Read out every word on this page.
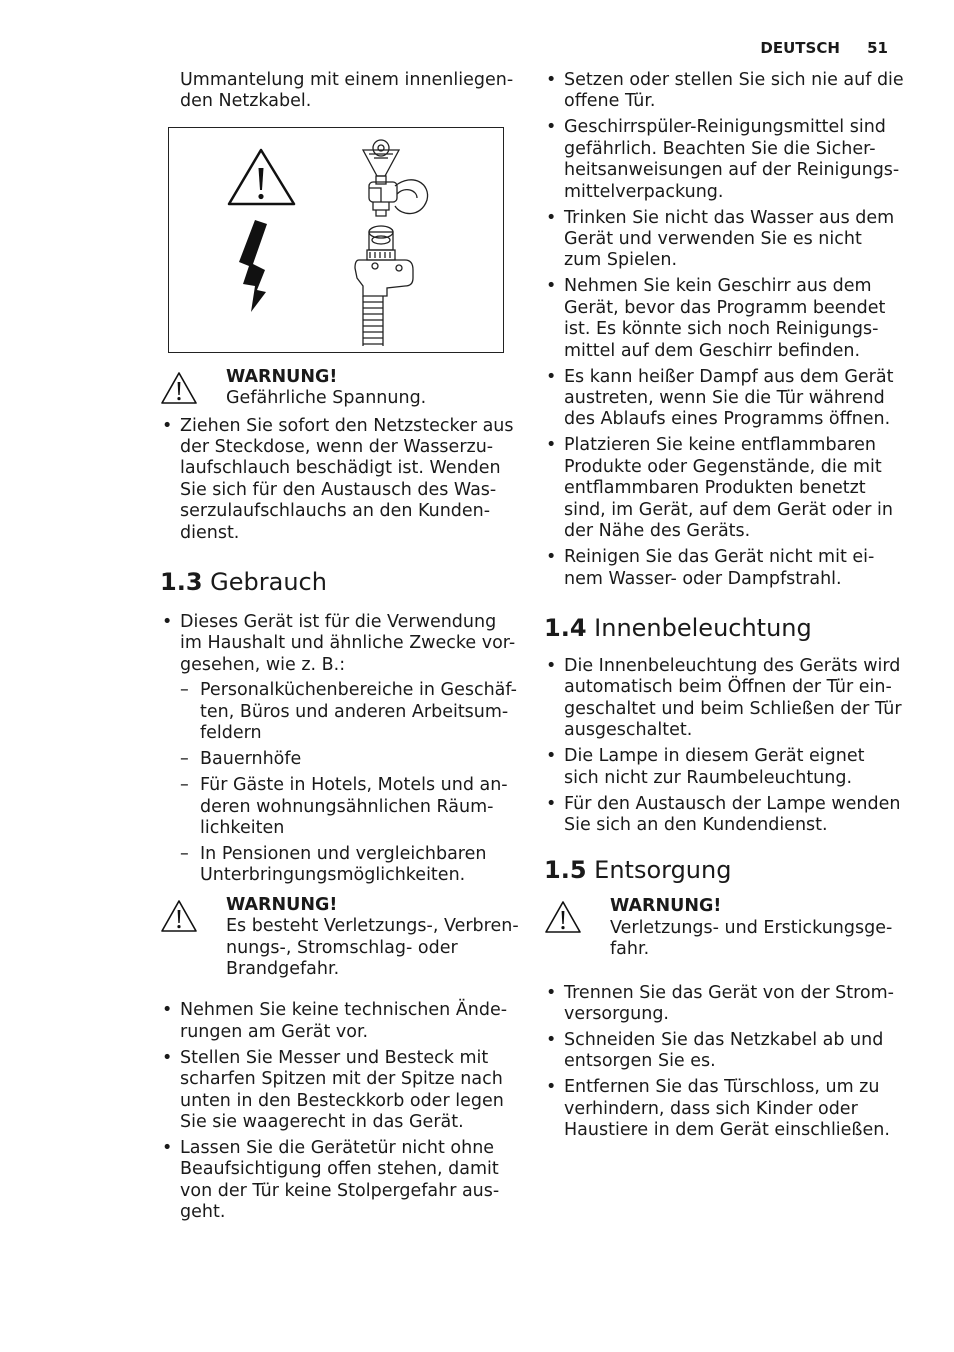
DEUTSCH 51

Ummantelung mit einem innenliegen-
den Netzkabel.

WARNUNG!
Gefährliche Spannung.
• Ziehen Sie sofort den Netzstecker aus der Steckdose, wenn der Wasserzu- laufschlauch beschädigt ist. Wenden Sie sich für den Austausch des Was- serzulaufschlauchs an den Kunden- dienst.
1.3 Gebrauch
• Dieses Gerät ist für die Verwendung im Haushalt und ähnliche Zwecke vor- gesehen, wie z. B.:
– Personalküchenbereiche in Geschäf- ten, Büros und anderen Arbeitsum- feldern
– Bauernhöfe
– Für Gäste in Hotels, Motels und an- deren wohnungsähnlichen Räum- lichkeiten
– In Pensionen und vergleichbaren Unterbringungsmöglichkeiten.
WARNUNG!
Es besteht Verletzungs-, Verbren- nungs-, Stromschlag- oder Brandgefahr.
• Nehmen Sie keine technischen Ände- rungen am Gerät vor.
• Stellen Sie Messer und Besteck mit scharfen Spitzen mit der Spitze nach unten in den Besteckkorb oder legen Sie sie waagerecht in das Gerät.
• Lassen Sie die Gerätetür nicht ohne Beaufsichtigung offen stehen, damit von der Tür keine Stolpergefahr aus- geht.
• Setzen oder stellen Sie sich nie auf die offene Tür.
• Geschirrspüler-Reinigungsmittel sind gefährlich. Beachten Sie die Sicher- heitsanweisungen auf der Reinigungs- mittelverpackung.
• Trinken Sie nicht das Wasser aus dem Gerät und verwenden Sie es nicht zum Spielen.
• Nehmen Sie kein Geschirr aus dem Gerät, bevor das Programm beendet ist. Es könnte sich noch Reinigungs- mittel auf dem Geschirr befinden.
• Es kann heißer Dampf aus dem Gerät austreten, wenn Sie die Tür während des Ablaufs eines Programms öffnen.
• Platzieren Sie keine entflammbaren Produkte oder Gegenstände, die mit entflammbaren Produkten benetzt sind, im Gerät, auf dem Gerät oder in der Nähe des Geräts.
• Reinigen Sie das Gerät nicht mit ei- nem Wasser- oder Dampfstrahl.
1.4 Innenbeleuchtung
• Die Innenbeleuchtung des Geräts wird automatisch beim Öffnen der Tür ein- geschaltet und beim Schließen der Tür ausgeschaltet.
• Die Lampe in diesem Gerät eignet sich nicht zur Raumbeleuchtung.
• Für den Austausch der Lampe wenden Sie sich an den Kundendienst.
1.5 Entsorgung
WARNUNG!
Verletzungs- und Erstickungsge- fahr.
• Trennen Sie das Gerät von der Strom- versorgung.
• Schneiden Sie das Netzkabel ab und entsorgen Sie es.
• Entfernen Sie das Türschloss, um zu verhindern, dass sich Kinder oder Haustiere in dem Gerät einschließen.
